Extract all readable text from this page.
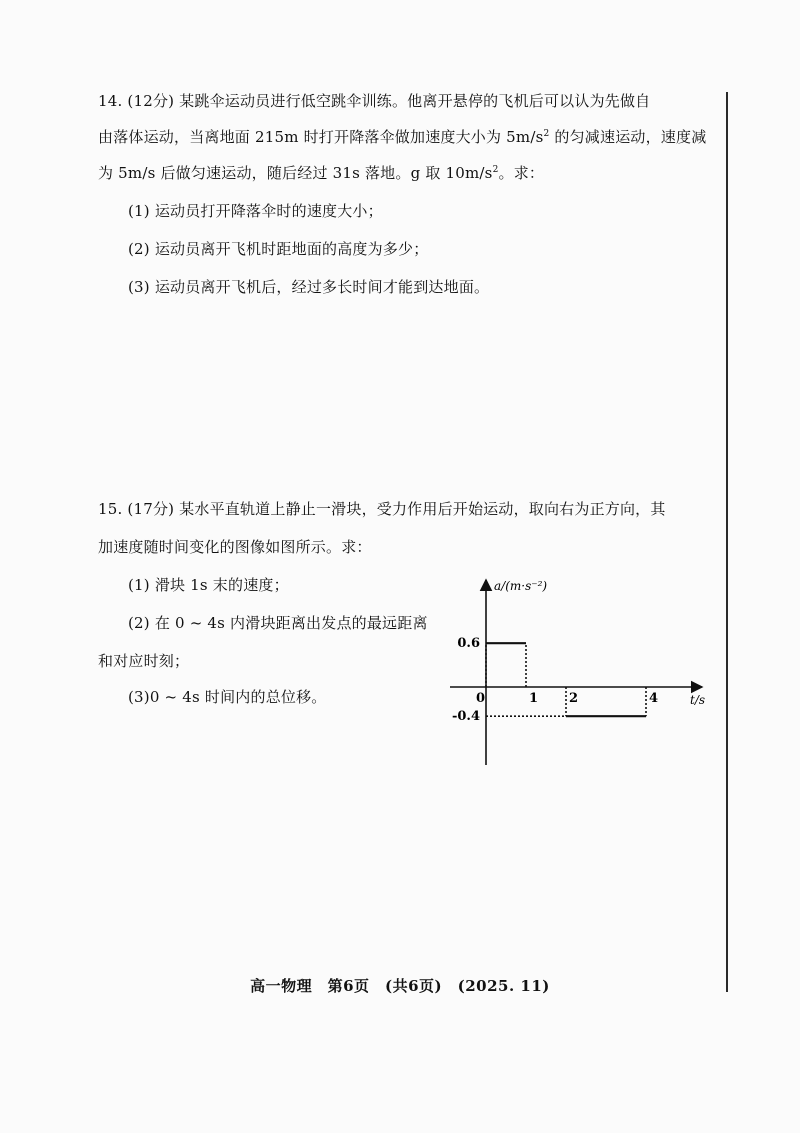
14. (12分) 某跳伞运动员进行低空跳伞训练。他离开悬停的飞机后可以认为先做自
由落体运动，当离地面 215m 时打开降落伞做加速度大小为 $5m/s^2$ 的匀减速运动，速度减
为 5m/s 后做匀速运动，随后经过 31s 落地。g 取 $10m/s^2$。求：
(1) 运动员打开降落伞时的速度大小；
(2) 运动员离开飞机时距地面的高度为多少；
(3) 运动员离开飞机后，经过多长时间才能到达地面。
15. (17分) 某水平直轨道上静止一滑块，受力作用后开始运动，取向右为正方向，其
加速度随时间变化的图像如图所示。求：
(1) 滑块 1s 末的速度；
(2) 在 0 ~ 4s 内滑块距离出发点的最远距离
和对应时刻；
(3)0 ~ 4s 时间内的总位移。
a/(m·s⁻²)
t/s
0	1 2	4
0.6
-0.4
高一物理　第6页　(共6页)　(2025. 11)
